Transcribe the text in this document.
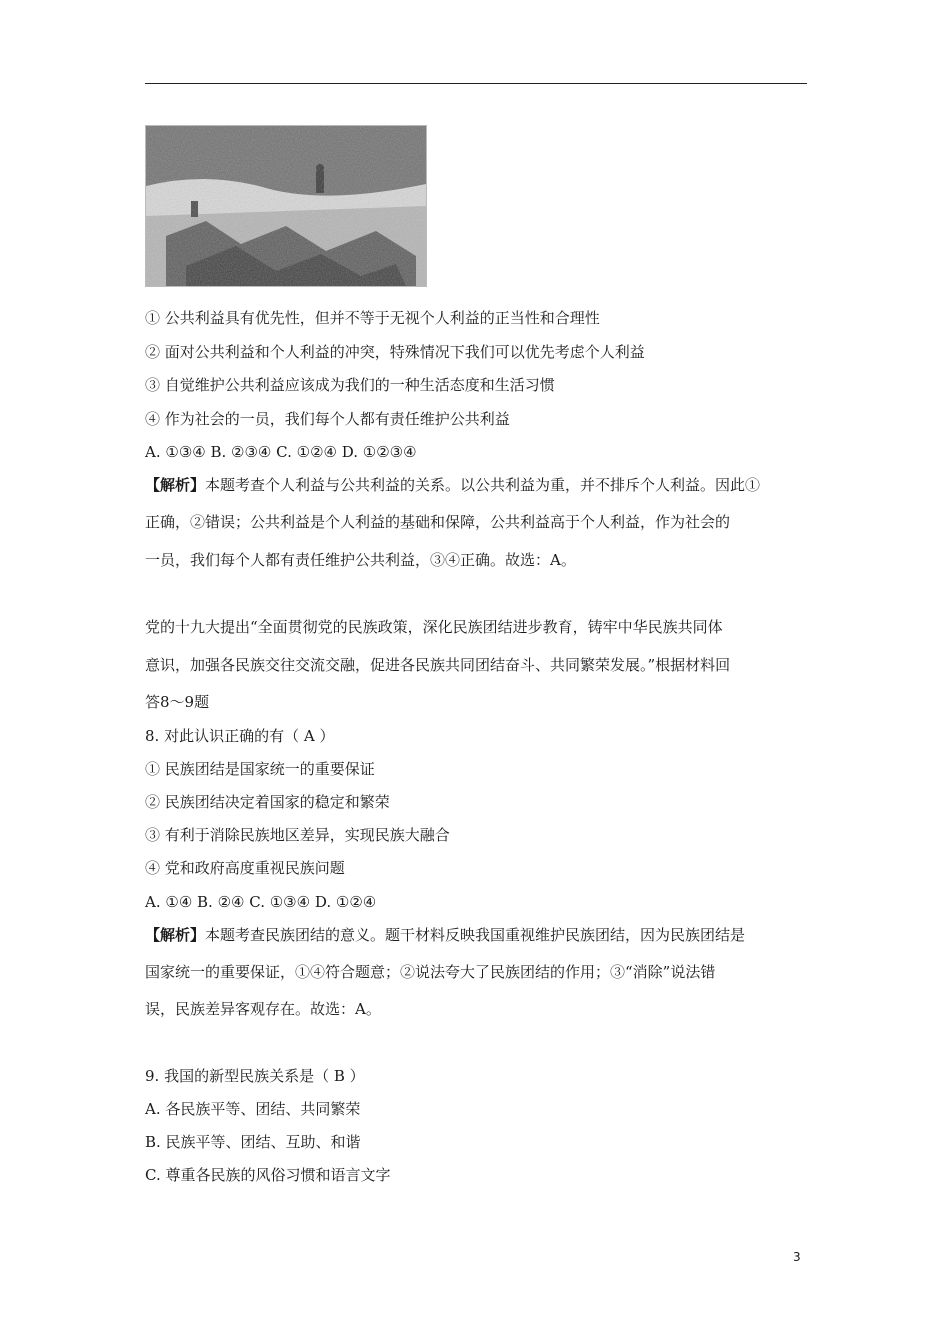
① 公共利益具有优先性，但并不等于无视个人利益的正当性和合理性
② 面对公共利益和个人利益的冲突，特殊情况下我们可以优先考虑个人利益
③ 自觉维护公共利益应该成为我们的一种生活态度和生活习惯
④ 作为社会的一员，我们每个人都有责任维护公共利益
A. ①③④ B. ②③④ C. ①②④ D. ①②③④
【解析】本题考查个人利益与公共利益的关系。以公共利益为重，并不排斥个人利益。因此①
正确，②错误；公共利益是个人利益的基础和保障，公共利益高于个人利益，作为社会的
一员，我们每个人都有责任维护公共利益，③④正确。故选：A。
党的十九大提出“全面贯彻党的民族政策，深化民族团结进步教育，铸牢中华民族共同体
意识，加强各民族交往交流交融，促进各民族共同团结奋斗、共同繁荣发展。”根据材料回
答8～9题
8. 对此认识正确的有（ A ）
① 民族团结是国家统一的重要保证
② 民族团结决定着国家的稳定和繁荣
③ 有利于消除民族地区差异，实现民族大融合
④ 党和政府高度重视民族问题
A. ①④ B. ②④ C. ①③④ D. ①②④
【解析】本题考查民族团结的意义。题干材料反映我国重视维护民族团结，因为民族团结是
国家统一的重要保证，①④符合题意；②说法夸大了民族团结的作用；③“消除”说法错
误，民族差异客观存在。故选：A。
9. 我国的新型民族关系是（ B ）
A. 各民族平等、团结、共同繁荣
B. 民族平等、团结、互助、和谐
C. 尊重各民族的风俗习惯和语言文字
3
